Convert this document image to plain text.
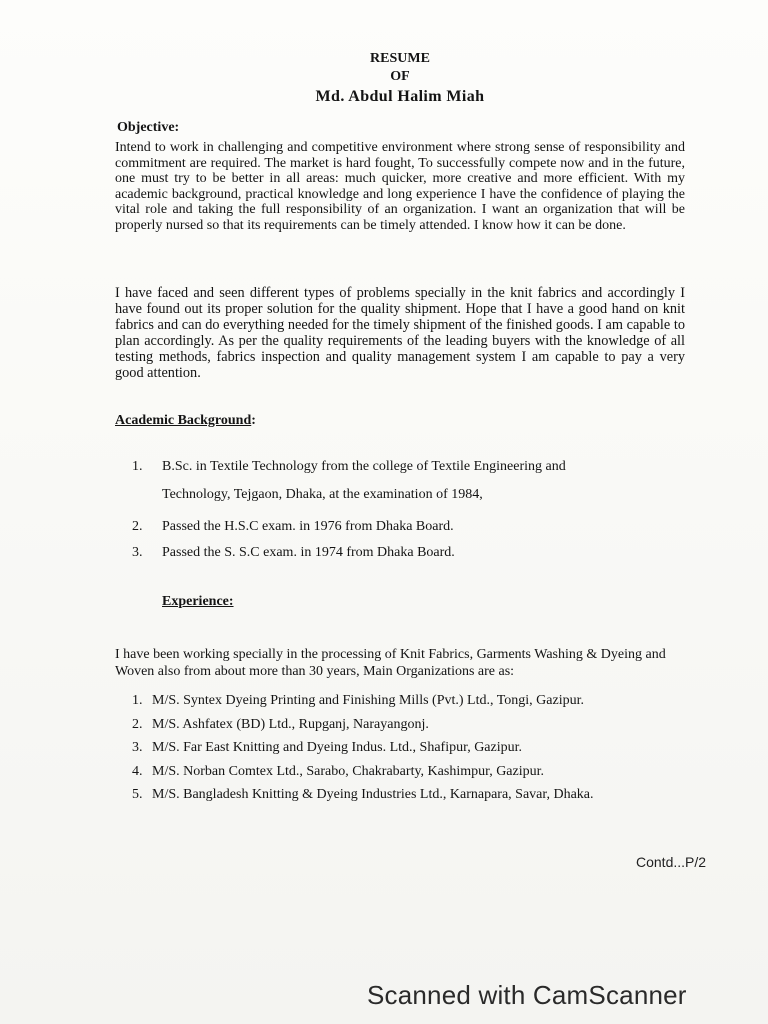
RESUME
OF
Md. Abdul Halim Miah
Objective:
Intend to work in challenging and competitive environment where strong sense of responsibility and commitment are required. The market is hard fought, To successfully compete now and in the future, one must try to be better in all areas: much quicker, more creative and more efficient. With my academic background, practical knowledge and long experience I have the confidence of playing the vital role and taking the full responsibility of an organization. I want an organization that will be properly nursed so that its requirements can be timely attended. I know how it can be done.
I have faced and seen different types of problems specially in the knit fabrics and accordingly I have found out its proper solution for the quality shipment. Hope that I have a good hand on knit fabrics and can do everything needed for the timely shipment of the finished goods. I am capable to plan accordingly. As per the quality requirements of the leading buyers with the knowledge of all testing methods, fabrics inspection and quality management system I am capable to pay a very good attention.
Academic Background:
1. B.Sc. in Textile Technology from the college of Textile Engineering and
2. Passed the H.S.C exam. in 1976 from Dhaka Board.
3. Passed the S. S.C exam. in 1974 from Dhaka Board.
Technology, Tejgaon, Dhaka, at the examination of 1984,
Experience:
I have been working specially in the processing of Knit Fabrics, Garments Washing & Dyeing and Woven also from about more than 30 years, Main Organizations are as:
1. M/S. Syntex Dyeing Printing and Finishing Mills (Pvt.) Ltd., Tongi, Gazipur.
2. M/S. Ashfatex (BD) Ltd., Rupganj, Narayangonj.
3. M/S. Far East Knitting and Dyeing Indus. Ltd., Shafipur, Gazipur.
4. M/S. Norban Comtex Ltd., Sarabo, Chakrabarty, Kashimpur, Gazipur.
5. M/S. Bangladesh Knitting & Dyeing Industries Ltd., Karnapara, Savar, Dhaka.
Contd...P/2
Scanned with CamScanner
